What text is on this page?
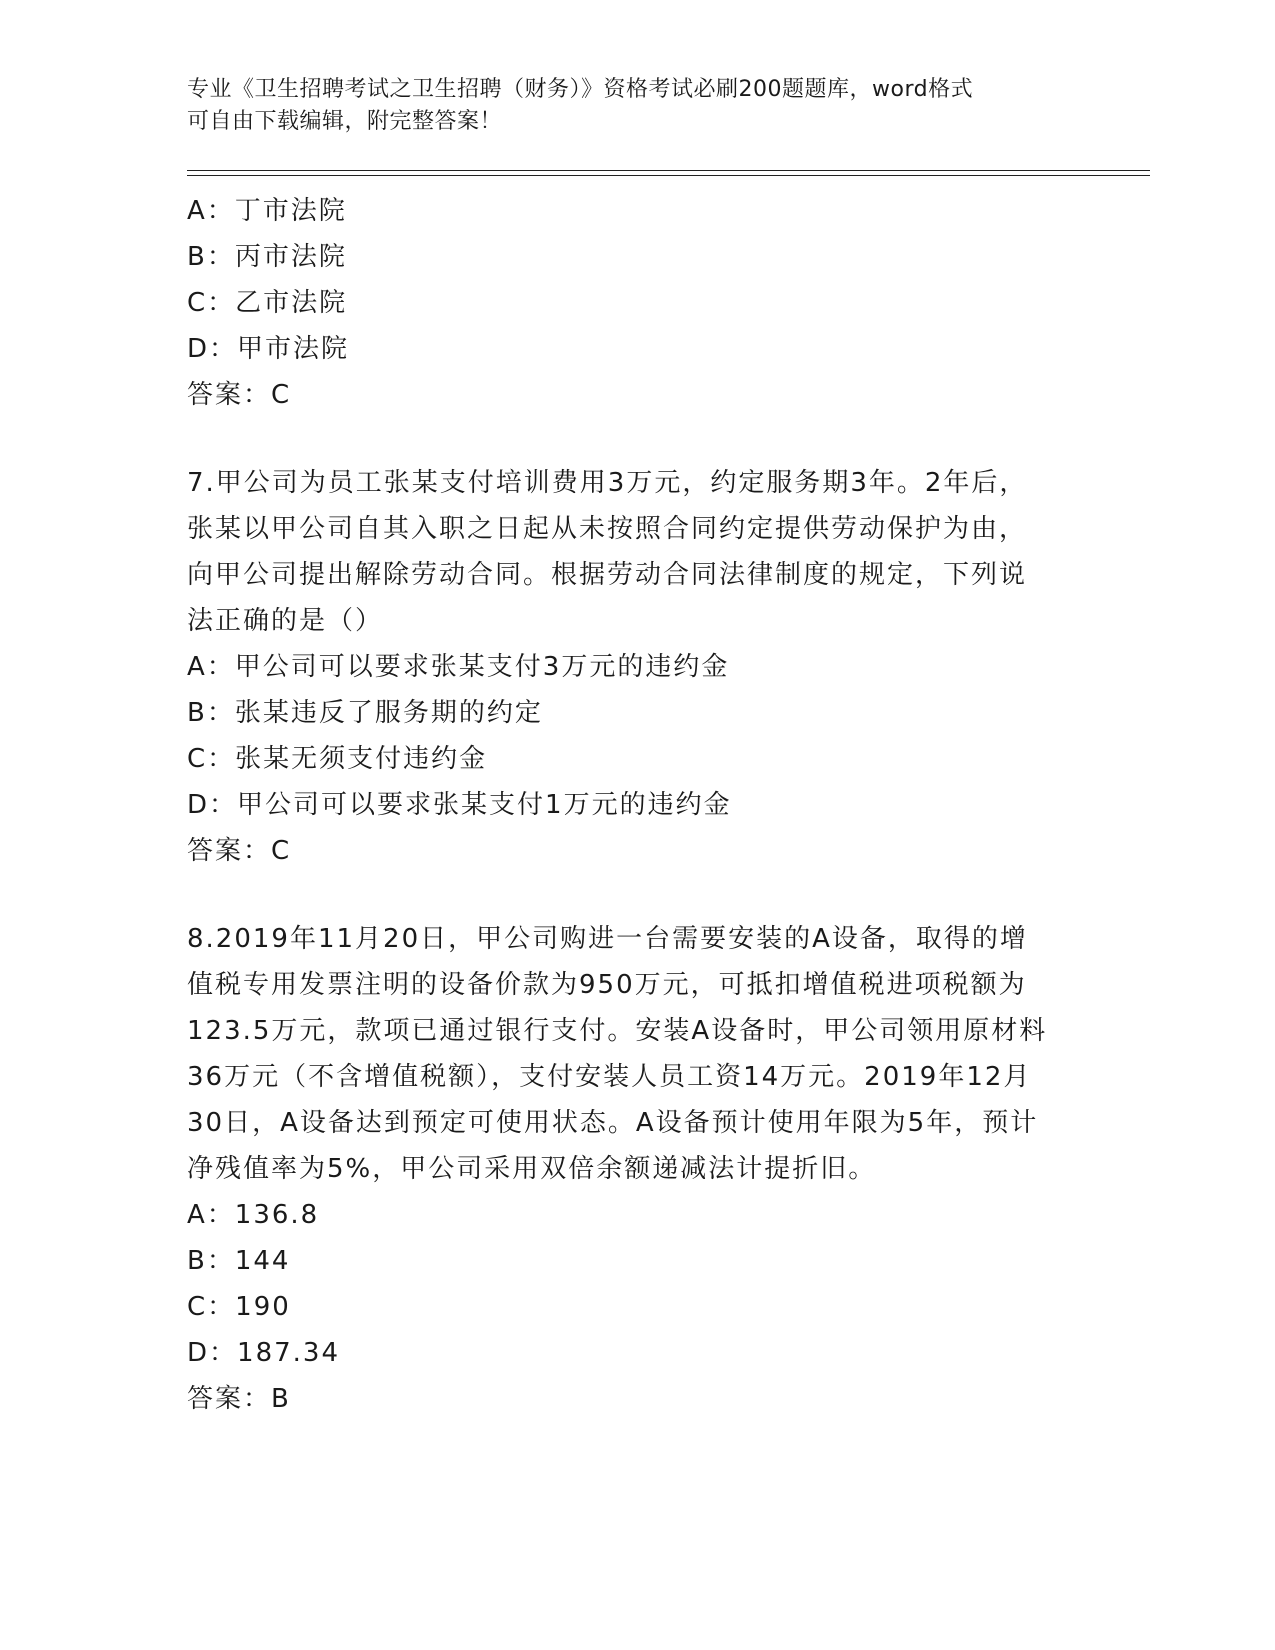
专业《卫生招聘考试之卫生招聘（财务）》资格考试必刷200题题库，word格式
可自由下载编辑，附完整答案！
A：丁市法院
B：丙市法院
C：乙市法院
D：甲市法院
答案：C
7.甲公司为员工张某支付培训费用3万元，约定服务期3年。2年后，
张某以甲公司自其入职之日起从未按照合同约定提供劳动保护为由，
向甲公司提出解除劳动合同。根据劳动合同法律制度的规定，下列说
法正确的是（）
A：甲公司可以要求张某支付3万元的违约金
B：张某违反了服务期的约定
C：张某无须支付违约金
D：甲公司可以要求张某支付1万元的违约金
答案：C
8.2019年11月20日，甲公司购进一台需要安装的A设备，取得的增
值税专用发票注明的设备价款为950万元，可抵扣增值税进项税额为
123.5万元，款项已通过银行支付。安装A设备时，甲公司领用原材料
36万元（不含增值税额），支付安装人员工资14万元。2019年12月
30日，A设备达到预定可使用状态。A设备预计使用年限为5年，预计
净残值率为5%，甲公司采用双倍余额递减法计提折旧。
A：136.8
B：144
C：190
D：187.34
答案：B
